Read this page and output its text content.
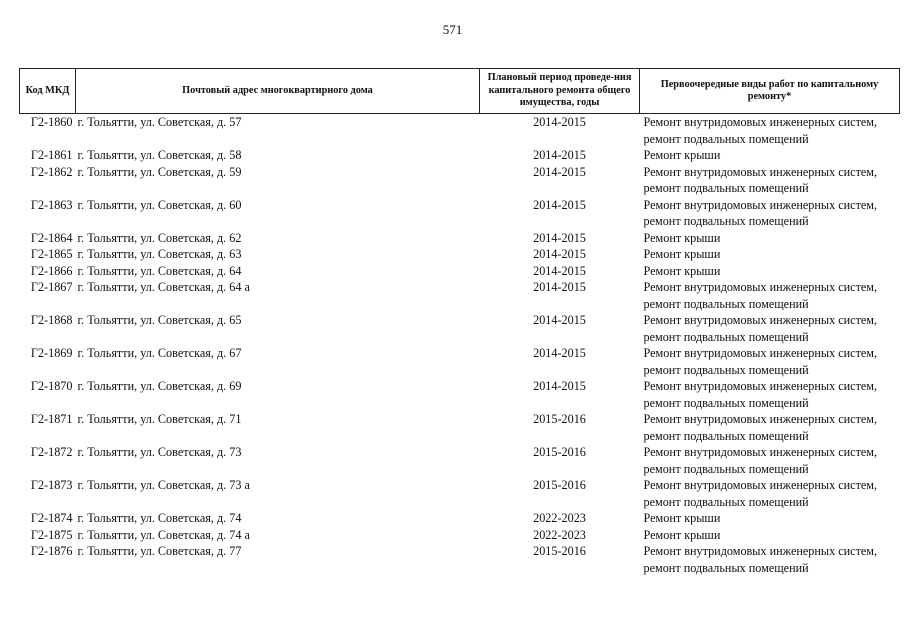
571
Код МКД	Почтовый адрес многоквартирного дома	Плановый период проведе-ния капитального ремонта общего имущества, годы	Первоочередные виды работ по капитальному ремонту*
Г2-1860	г. Тольятти, ул. Советская, д. 57	2014-2015	Ремонт внутридомовых инженерных систем, ремонт подвальных помещений
Г2-1861	г. Тольятти, ул. Советская, д. 58	2014-2015	Ремонт крыши
Г2-1862	г. Тольятти, ул. Советская, д. 59	2014-2015	Ремонт внутридомовых инженерных систем, ремонт подвальных помещений
Г2-1863	г. Тольятти, ул. Советская, д. 60	2014-2015	Ремонт внутридомовых инженерных систем, ремонт подвальных помещений
Г2-1864	г. Тольятти, ул. Советская, д. 62	2014-2015	Ремонт крыши
Г2-1865	г. Тольятти, ул. Советская, д. 63	2014-2015	Ремонт крыши
Г2-1866	г. Тольятти, ул. Советская, д. 64	2014-2015	Ремонт крыши
Г2-1867	г. Тольятти, ул. Советская, д. 64 а	2014-2015	Ремонт внутридомовых инженерных систем, ремонт подвальных помещений
Г2-1868	г. Тольятти, ул. Советская, д. 65	2014-2015	Ремонт внутридомовых инженерных систем, ремонт подвальных помещений
Г2-1869	г. Тольятти, ул. Советская, д. 67	2014-2015	Ремонт внутридомовых инженерных систем, ремонт подвальных помещений
Г2-1870	г. Тольятти, ул. Советская, д. 69	2014-2015	Ремонт внутридомовых инженерных систем, ремонт подвальных помещений
Г2-1871	г. Тольятти, ул. Советская, д. 71	2015-2016	Ремонт внутридомовых инженерных систем, ремонт подвальных помещений
Г2-1872	г. Тольятти, ул. Советская, д. 73	2015-2016	Ремонт внутридомовых инженерных систем, ремонт подвальных помещений
Г2-1873	г. Тольятти, ул. Советская, д. 73 а	2015-2016	Ремонт внутридомовых инженерных систем, ремонт подвальных помещений
Г2-1874	г. Тольятти, ул. Советская, д. 74	2022-2023	Ремонт крыши
Г2-1875	г. Тольятти, ул. Советская, д. 74 а	2022-2023	Ремонт крыши
Г2-1876	г. Тольятти, ул. Советская, д. 77	2015-2016	Ремонт внутридомовых инженерных систем, ремонт подвальных помещений
